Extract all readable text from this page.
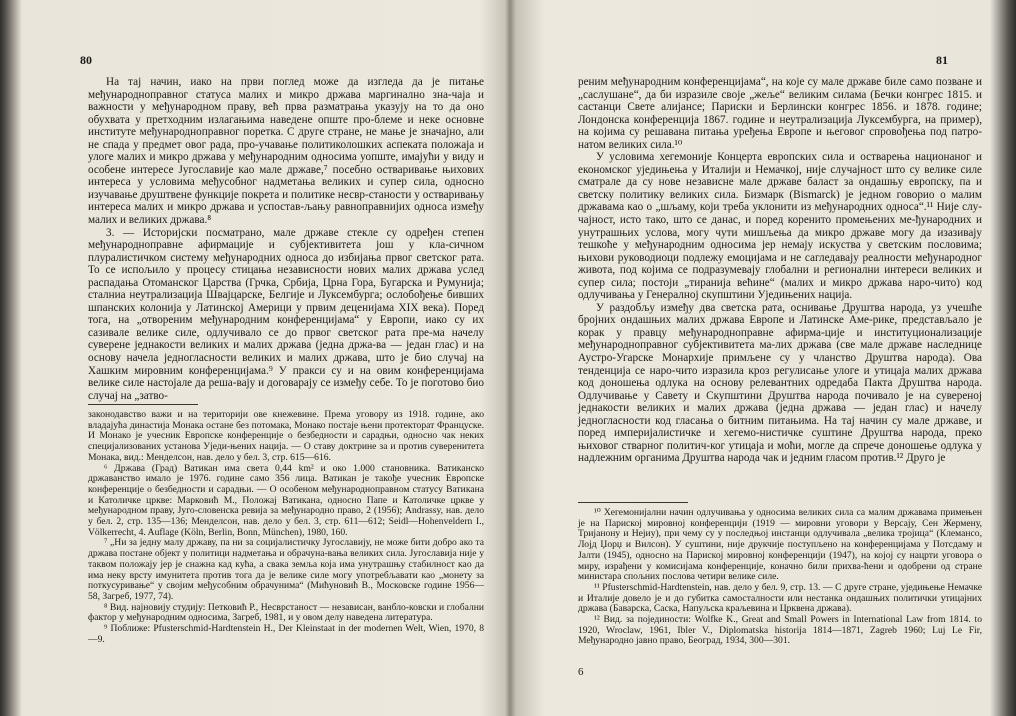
80

На тај начин, иако на први поглед може да изгледа да је питање међународноправног статуса малих и микро држава маргинално зна-чаја и важности у међународном праву, већ прва разматрања указују на то да оно обухвата у претходним излагањима наведене опште про-блеме и неке основне институте међународноправног поретка. С друге стране, не мање је значајно, али не спада у предмет овог рада, про-учавање политиколошких аспеката положаја и улоге малих и микро држава у међународним односима уопште, имајући у виду и особене интересе Југославије као мале државе,⁷ посебно остваривање њихових интереса у условима међусобног надметања великих и супер сила, односно изучавање друштвене функције покрета и политике несвр-станости у остваривању интереса малих и микро држава и успостав-љању равноправнијих односа између малих и великих држава.⁸

3. — Историјски посматрано, мале државе стекле су одређен степен међународноправне афирмације и субјективитета још у кла-сичном плуралистичком систему међународних односа до избијања првог светског рата. То се испољило у процесу стицања независности нових малих држава услед распадања Отоманског Царства (Грчка, Србија, Црна Гора, Бугарска и Румунија; сталниа неутрализација Швајцарске, Белгије и Луксембурга; ослобођење бивших шпанских колонија у Латинској Америци у првим деценијама XIX века). Поред тога, на „отвореним међународним конференцијама“ у Европи, иако су их сазивале велике силе, одлучивало се до првог светског рата пре-ма начелу суверене једнакости великих и малих држава (једна држа-ва — један глас) и на основу начела једногласности великих и малих држава, што је био случај на Хашким мировним конференцијама.⁹ У пракси су и на овим конференцијама велике силе настојале да реша-вају и договарају се између себе. То је поготово био случај на „затво-

законодавство важи и на територији ове кнежевине. Према уговору из 1918. године, ако владајућа династија Монака остане без потомака, Монако постаје њени протекторат Француске. И Монако је учесник Европске конференције о безбедности и сарадњи, односно чак неких специјализованих установа Уједи-њених нација. — О ставу доктрине за и против суверенитета Монака, вид.: Менделсон, нав. дело у бел. 3, стр. 615—616.

⁶ Држава (Град) Ватикан има света 0,44 km² и око 1.000 становника. Ватиканско државанство имало је 1976. године само 356 лица. Ватикан је такође учесник Европске конференције о безбедности и сарадњи. — О особеном међународноправном статусу Ватикана и Католичке цркве: Марковић М., Положај Ватикана, односно Папе и Католичке цркве у међународном праву, Југо-словенска ревија за међународно право, 2 (1956); Andrassy, нав. дело у бел. 2, стр. 135—136; Менделсон, нав. дело у бел. 3, стр. 611—612; Seidl—Hohenveldern I., Völkerrecht, 4. Auflage (Köln, Berlin, Bonn, München), 1980, 160.

⁷ „Ни за једну малу државу, па ни за социјалистичку Југославију, не може бити добро ако та држава постане објект у политици надметања и обрачуна-вања великих сила. Југославија није у таквом положају јер је снажна кад кућа, а свака земља која има унутрашњу стабилност као да има неку врсту имунитета против тога да је велике силе могу употребљавати као „монету за поткусуривање“ у својим међусобним обрачунима“ (Мићуновић В., Московске године 1956—58, Загреб, 1977, 74).

⁸ Вид. најновију студију: Петковић Р., Несврстаност — независан, ванбло-ковски и глобални фактор у међународним односима, Загреб, 1981, и у овом делу наведена литература.

⁹ Поближе: Pfusterschmid-Hardtenstein H., Der Kleinstaat in der modernen Welt, Wien, 1970, 8—9.

81

реним међународним конференцијама“, на које су мале државе биле само позване и „саслушане“, да би изразиле своје „жеље“ великим силама (Бечки конгрес 1815. и састанци Свете алијансе; Париски и Берлински конгрес 1856. и 1878. године; Лондонска конференција 1867. године и неутрализација Луксембурга, на пример), на којима су решавана питања уређења Европе и његовог спровођења под патро-натом великих сила.¹⁰

У условима хегемоније Концерта европских сила и остварења национаног и економског уједињења у Италији и Немачкој, није случајност што су велике силе сматрале да су нове независне мале државе баласт за ондашњу европску, па и светску политику великих сила. Бизмарк (Bismarck) је једном говорио о малим државама као о „шљаму, који треба уклонити из међународних односа“.¹¹ Није слу-чајност, исто тако, што се данас, и поред коренито промењених ме-ђународних и унутрашњих услова, могу чути мишљења да микро државе могу да изазивају тешкоће у међународним односима јер немају искуства у светским пословима; њихови руководиоци подлежу емоцијама и не сагледавају реалности међународног живота, под којима се подразумевају глобални и регионални интереси великих и супер сила; постоји „тиранија већине“ (малих и микро држава наро-чито) код одлучивања у Генералној скупштини Уједињених нација.

У раздобљу између два светска рата, оснивање Друштва народа, уз учешће бројних ондашњих малих држава Европе и Латинске Аме-рике, представљало је корак у правцу међународноправне афирма-ције и институционализације међународноправног субјективитета ма-лих држава (све мале државе наследнице Аустро-Угарске Монархије примљене су у чланство Друштва народа). Ова тенденција се наро-чито изразила кроз регулисање улоге и утицаја малих држава код доношења одлука на основу релевантних одредаба Пакта Друштва народа. Одлучивање у Савету и Скупштини Друштва народа почивало је на сувереној једнакости великих и малих држава (једна држава — један глас) и начелу једногласности код гласања о битним питањима. На тај начин су мале државе, и поред империјалистичке и хегемо-нистичке суштине Друштва народа, преко њиховог стварног политич-ког утицаја и моћи, могле да спрече доношење одлука у надлежним органима Друштва народа чак и једним гласом против.¹² Друго је

¹⁰ Хегемонијални начин одлучивања у односима великих сила са малим државама примењен је на Париској мировној конференцији (1919 — мировни уговори у Версају, Сен Жермену, Тријанону и Нејиу), при чему су у последњој инстанци одлучивала „велика тројица“ (Клемансо, Лојд Џорџ и Вилсон). У суштини, није друкчије поступљено на конференцијама у Потсдаму и Јалти (1945), односно на Париској мировној конференцији (1947), на којој су нацрти уговора о миру, израђени у комисијама конференције, коначно били прихва-ћени и одобрени од стране министара спољних послова четири велике силе.

¹¹ Pfusterschmid-Hardtenstein, нав. дело у бел. 9, стр. 13. — С друге стране, уједињење Немачке и Италије довело је и до губитка самосталности или нестанка ондашњих политички утицајних држава (Баварска, Саска, Напуљска краљевина и Црквена држава).

¹² Вид. за појединости: Wolfke K., Great and Small Powers in International Law from 1814. to 1920, Wroclaw, 1961, Ibler V., Diplomatska historija 1814—1871, Zagreb 1960; Luj Le Fir, Међународно јавно право, Београд, 1934, 300—301.

6
